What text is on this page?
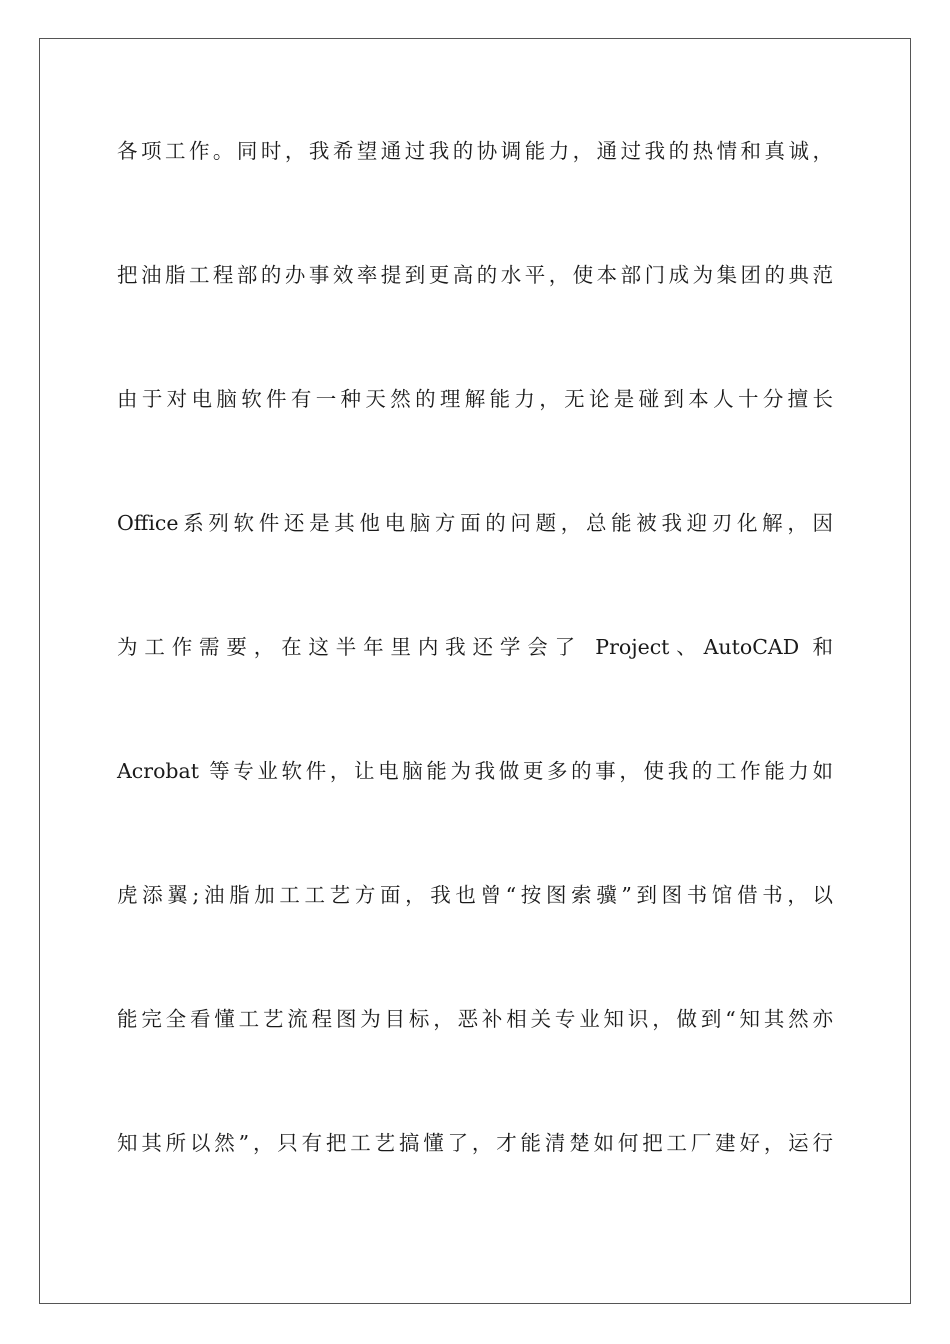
各项工作。同时，我希望通过我的协调能力，通过我的热情和真诚，
把油脂工程部的办事效率提到更高的水平，使本部门成为集团的典范
由于对电脑软件有一种天然的理解能力，无论是碰到本人十分擅长
Office系列软件还是其他电脑方面的问题，总能被我迎刃化解，因
为工作需要，在这半年里内我还学会了 Project、AutoCAD 和
Acrobat 等专业软件，让电脑能为我做更多的事，使我的工作能力如
虎添翼;油脂加工工艺方面，我也曾“按图索骥”到图书馆借书，以
能完全看懂工艺流程图为目标，恶补相关专业知识，做到“知其然亦
知其所以然”，只有把工艺搞懂了，才能清楚如何把工厂建好，运行
